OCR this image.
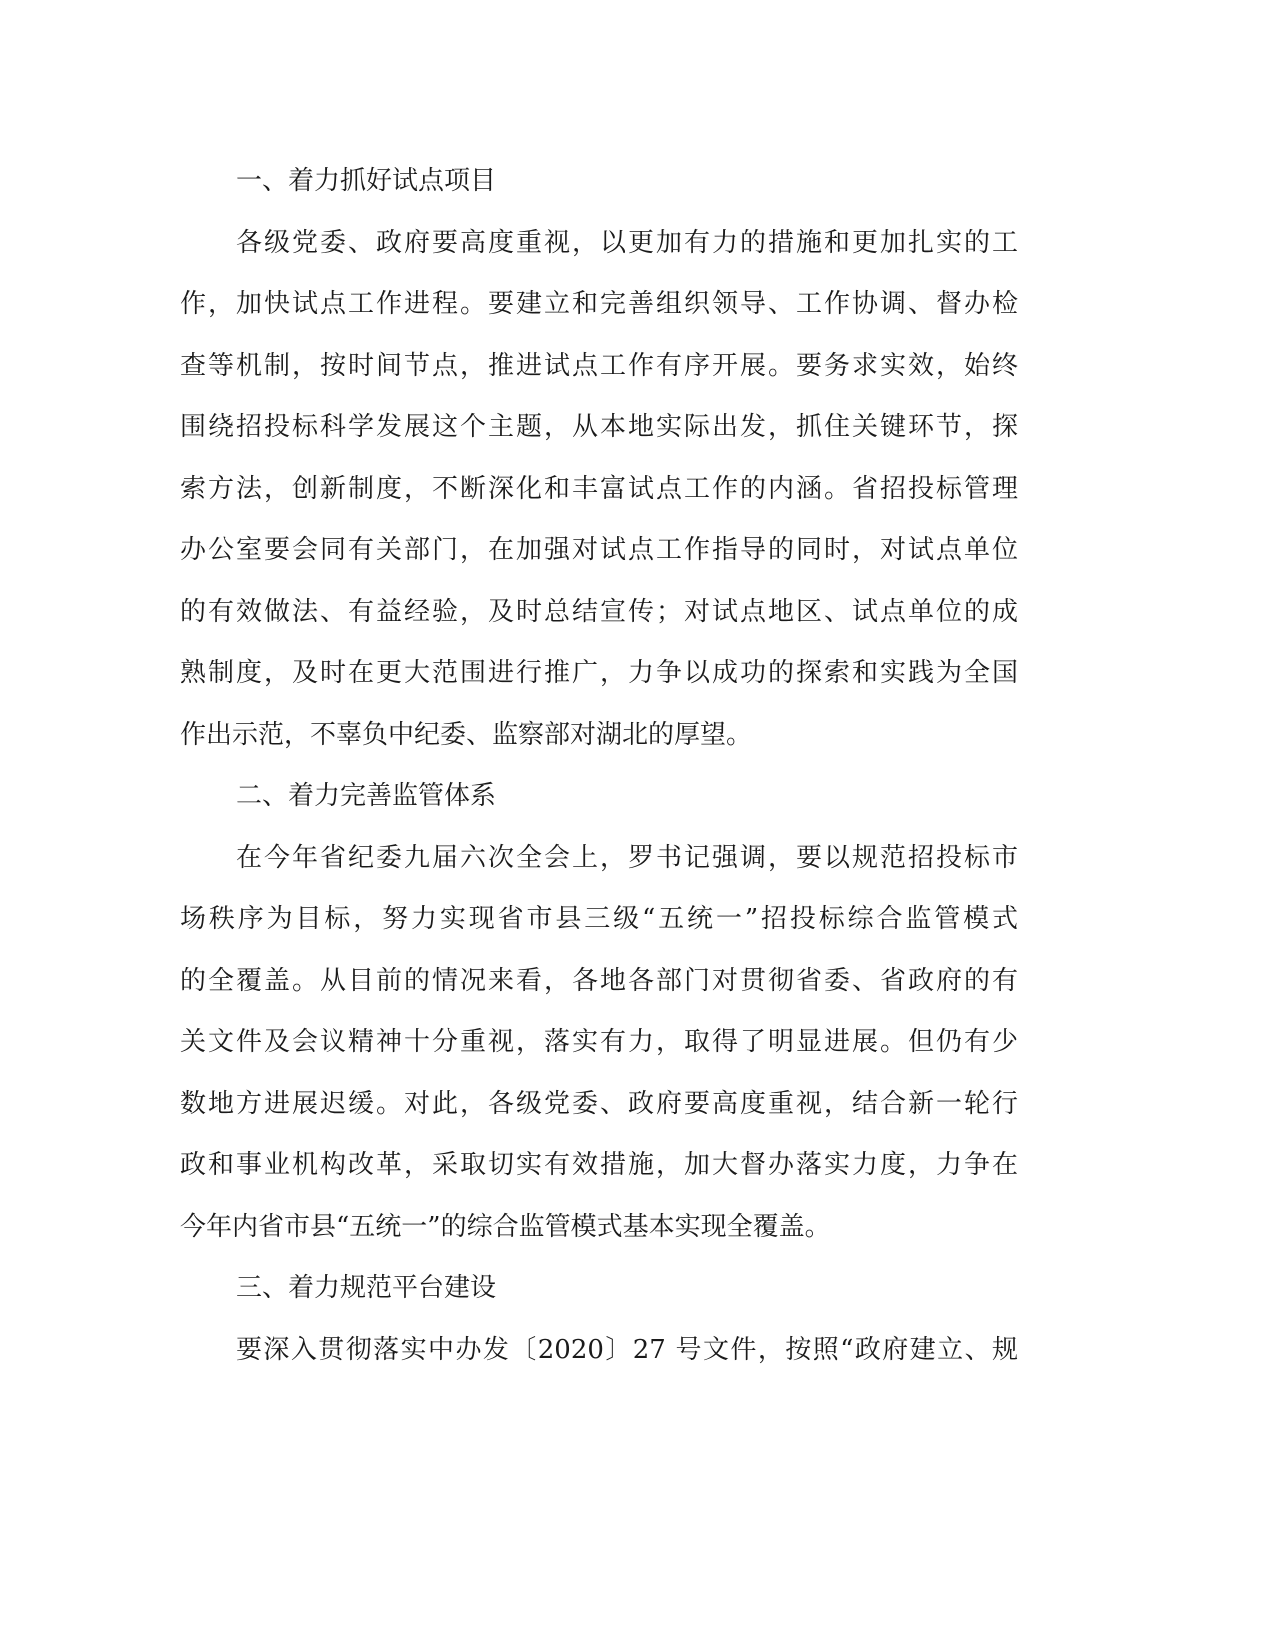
一、着力抓好试点项目
各级党委、政府要高度重视，以更加有力的措施和更加扎实的工
作，加快试点工作进程。要建立和完善组织领导、工作协调、督办检
查等机制，按时间节点，推进试点工作有序开展。要务求实效，始终
围绕招投标科学发展这个主题，从本地实际出发，抓住关键环节，探
索方法，创新制度，不断深化和丰富试点工作的内涵。省招投标管理
办公室要会同有关部门，在加强对试点工作指导的同时，对试点单位
的有效做法、有益经验，及时总结宣传；对试点地区、试点单位的成
熟制度，及时在更大范围进行推广，力争以成功的探索和实践为全国
作出示范，不辜负中纪委、监察部对湖北的厚望。
二、着力完善监管体系
在今年省纪委九届六次全会上，罗书记强调，要以规范招投标市
场秩序为目标，努力实现省市县三级“五统一”招投标综合监管模式
的全覆盖。从目前的情况来看，各地各部门对贯彻省委、省政府的有
关文件及会议精神十分重视，落实有力，取得了明显进展。但仍有少
数地方进展迟缓。对此，各级党委、政府要高度重视，结合新一轮行
政和事业机构改革，采取切实有效措施，加大督办落实力度，力争在
今年内省市县“五统一”的综合监管模式基本实现全覆盖。
三、着力规范平台建设
要深入贯彻落实中办发〔2020〕27 号文件，按照“政府建立、规
